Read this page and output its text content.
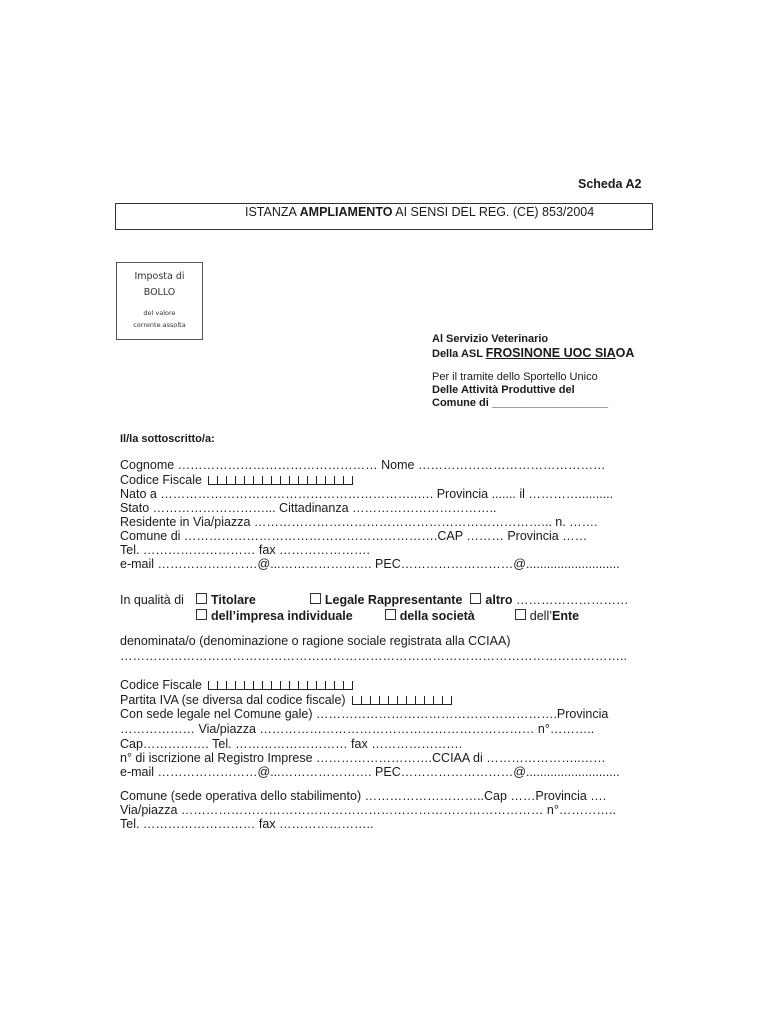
Scheda A2
ISTANZA AMPLIAMENTO AI SENSI DEL REG. (CE) 853/2004
Imposta di
BOLLO
del valore
corrente assolta
Al Servizio Veterinario
Della ASL FROSINONE UOC SIAOA
Per il tramite dello Sportello Unico
Delle Attività Produttive del
Comune di ___________________
Il/la sottoscritto/a:
Cognome ………………………………………… Nome ………………………………………
Codice Fiscale
Nato a ……………………………………………………..…. Provincia ....... il …………..........
Stato ………………………... Cittadinanza ……………………………..
Residente in Via/piazza ……………………………………………………………... n. …….
Comune di …………………………………………………….CAP ……… Provincia ……
Tel. ……………………… fax ………………….
e-mail ……………………@...…………………. PEC………………………@...........................
In qualità di Titolare	Legale Rappresentante altro ………………………
dell’impresa individuale	della società	dell’Ente
denominata/o (denominazione o ragione sociale registrata alla CCIAA)
…………………………………………………………………………………………………………..
Codice Fiscale
Partita IVA (se diversa dal codice fiscale)
Con sede legale nel Comune gale) ………………………………………………….Provincia
……………… Via/piazza ………………………………………………………… n°………..
Cap……………. Tel. ……………………… fax ………………….
n° di iscrizione al Registro Imprese ……………………….CCIAA di …………………..……
e-mail ……………………@...…………………. PEC………………………@...........................
Comune (sede operativa dello stabilimento) ………………………..Cap ……Provincia ….
Via/piazza …………………………………………………………………………… n°…………..
Tel. ……………………… fax …………………..
